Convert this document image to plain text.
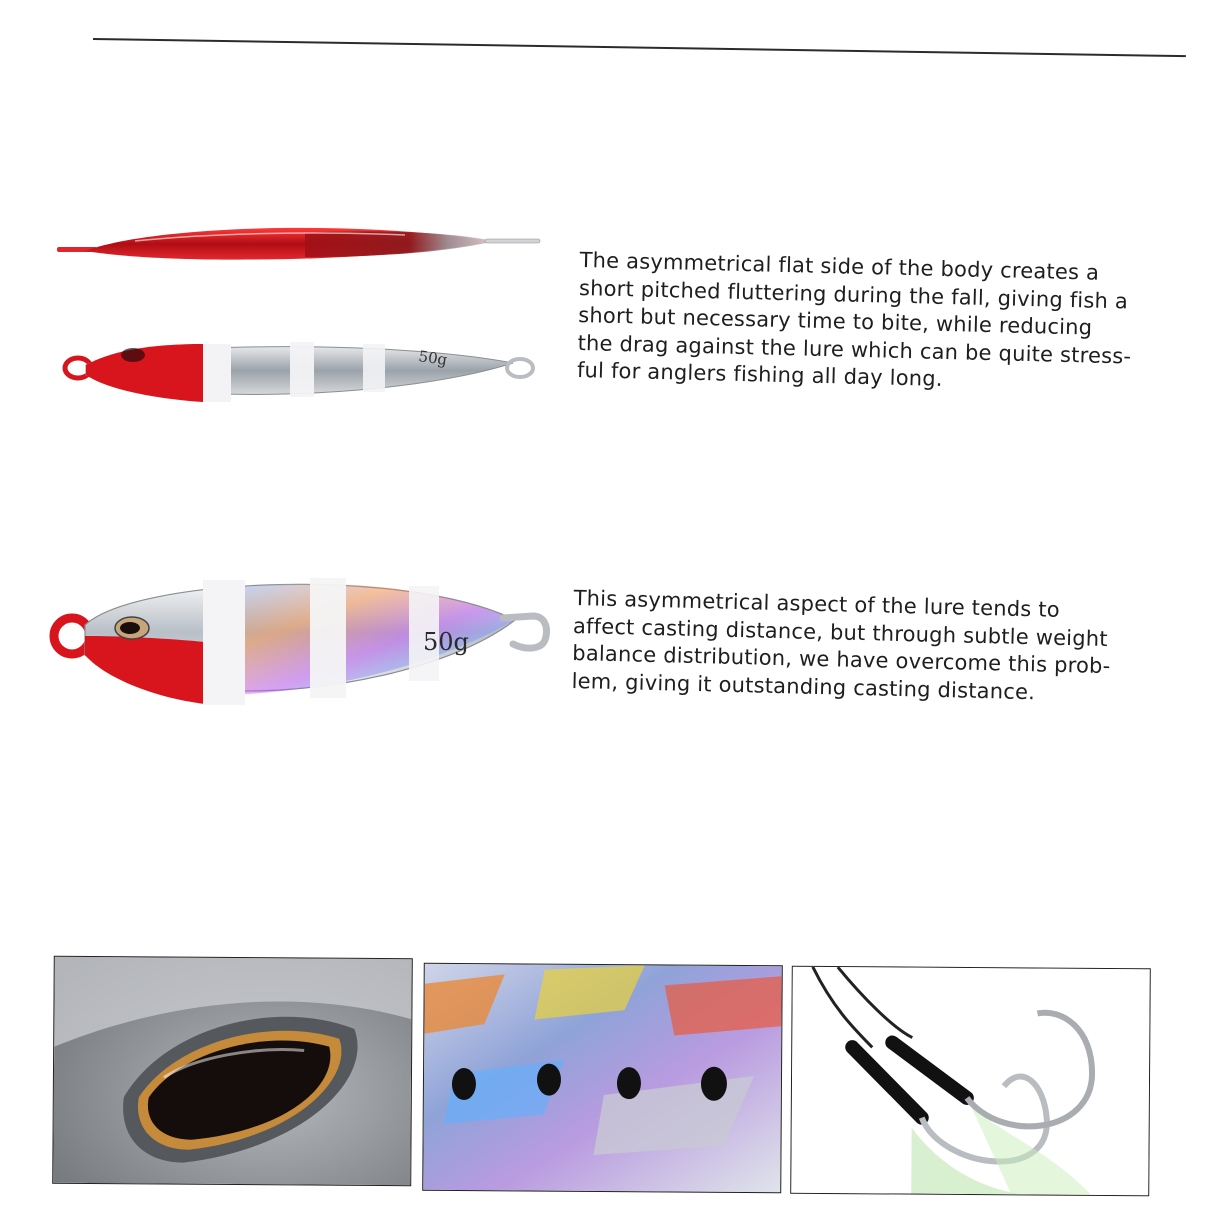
50g
50g
The asymmetrical flat side of the body creates a
short pitched fluttering during the fall, giving fish a
short but necessary time to bite, while reducing
the drag against the lure which can be quite stress-
ful for anglers fishing all day long.
This asymmetrical aspect of the lure tends to
affect casting distance, but through subtle weight
balance distribution, we have overcome this prob-
lem, giving it outstanding casting distance.
